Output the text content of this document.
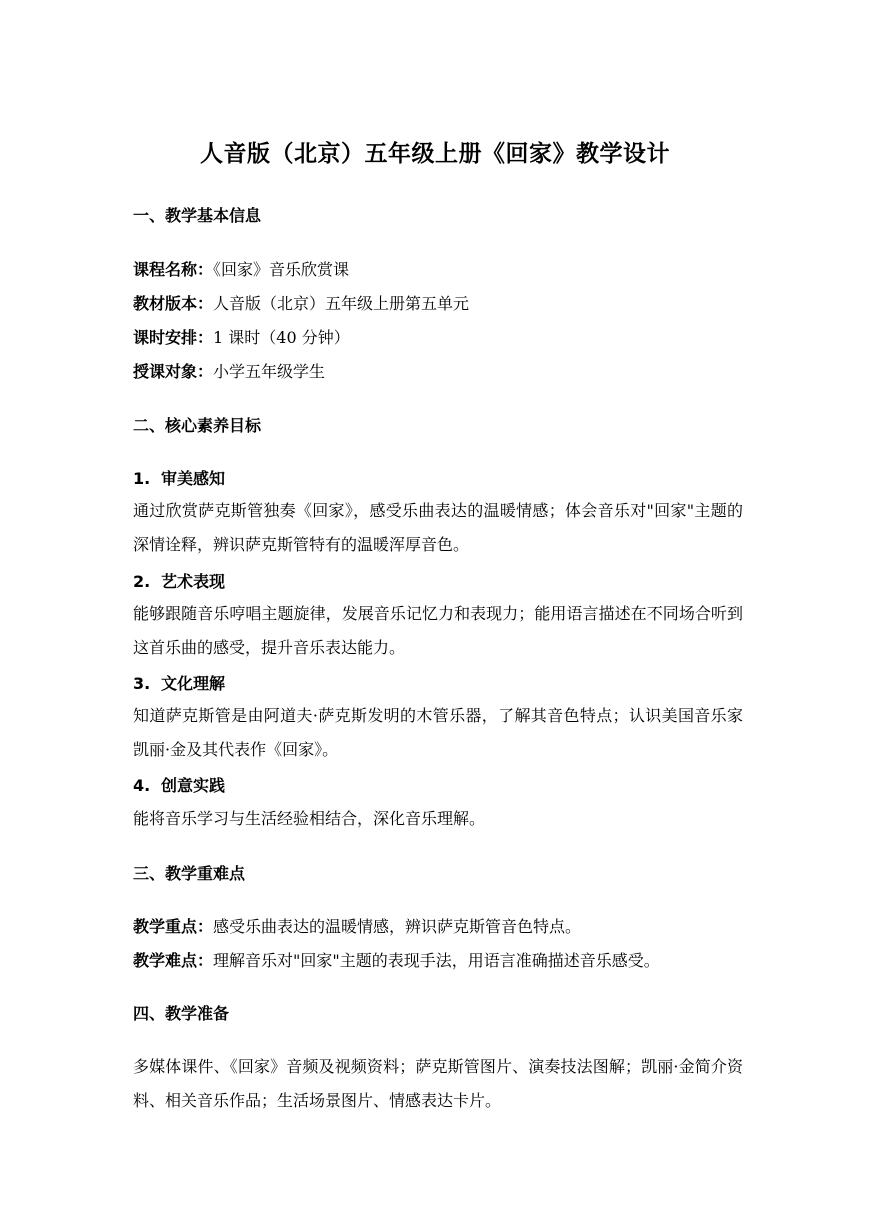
人音版（北京）五年级上册《回家》教学设计
一、教学基本信息
课程名称：《回家》音乐欣赏课
教材版本：人音版（北京）五年级上册第五单元
课时安排：1 课时（40 分钟）
授课对象：小学五年级学生
二、核心素养目标
1. 审美感知
通过欣赏萨克斯管独奏《回家》，感受乐曲表达的温暖情感；体会音乐对"回家"主题的深情诠释，辨识萨克斯管特有的温暖浑厚音色。
2. 艺术表现
能够跟随音乐哼唱主题旋律，发展音乐记忆力和表现力；能用语言描述在不同场合听到这首乐曲的感受，提升音乐表达能力。
3. 文化理解
知道萨克斯管是由阿道夫·萨克斯发明的木管乐器，了解其音色特点；认识美国音乐家凯丽·金及其代表作《回家》。
4. 创意实践
能将音乐学习与生活经验相结合，深化音乐理解。
三、教学重难点
教学重点：感受乐曲表达的温暖情感，辨识萨克斯管音色特点。
教学难点：理解音乐对"回家"主题的表现手法，用语言准确描述音乐感受。
四、教学准备
多媒体课件、《回家》音频及视频资料；萨克斯管图片、演奏技法图解；凯丽·金简介资料、相关音乐作品；生活场景图片、情感表达卡片。
